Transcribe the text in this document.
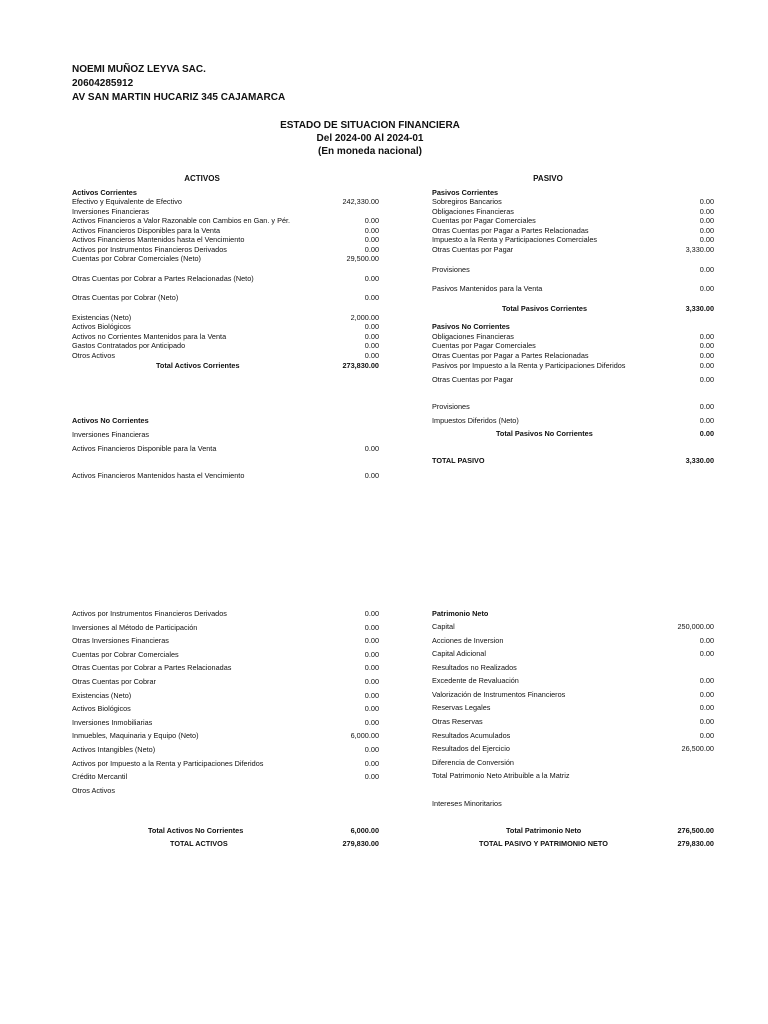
NOEMI MUÑOZ LEYVA SAC.
20604285912
AV SAN MARTIN HUCARIZ 345 CAJAMARCA
ESTADO DE SITUACION FINANCIERA
Del 2024-00 Al 2024-01
(En moneda nacional)
ACTIVOS	PASIVO
Activos Corrientes
Efectivo y Equivalente de Efectivo	242,330.00
Inversiones Financieras
Activos Financieros a Valor Razonable con Cambios en Gan. y Pér.	0.00
Activos Financieros Disponibles para la Venta	0.00
Activos Financieros Mantenidos hasta el Vencimiento	0.00
Activos por Instrumentos Financieros Derivados	0.00
Cuentas por Cobrar Comerciales (Neto)	29,500.00
Otras Cuentas por Cobrar a Partes Relacionadas (Neto)	0.00
Otras Cuentas por Cobrar (Neto)	0.00
Existencias (Neto)	2,000.00
Activos Biológicos	0.00
Activos no Corrientes Mantenidos para la Venta	0.00
Gastos Contratados por Anticipado	0.00
Otros Activos	0.00
Total Activos Corrientes	273,830.00
Activos No Corrientes
Inversiones Financieras
Activos Financieros Disponible para la Venta	0.00
Activos Financieros Mantenidos hasta el Vencimiento	0.00
Activos por Instrumentos Financieros Derivados	0.00
Inversiones al Método de Participación	0.00
Otras Inversiones Financieras	0.00
Cuentas por Cobrar Comerciales	0.00
Otras Cuentas por Cobrar a Partes Relacionadas	0.00
Otras Cuentas por Cobrar	0.00
Existencias (Neto)	0.00
Activos Biológicos	0.00
Inversiones Inmobiliarias	0.00
Inmuebles, Maquinaria y Equipo (Neto)	6,000.00
Activos Intangibles (Neto)	0.00
Activos por Impuesto a la Renta y Participaciones Diferidos	0.00
Crédito Mercantil	0.00
Otros Activos
Total Activos No Corrientes	6,000.00
TOTAL ACTIVOS	279,830.00
Pasivos Corrientes
Sobregiros Bancarios	0.00
Obligaciones Financieras	0.00
Cuentas por Pagar Comerciales	0.00
Otras Cuentas por Pagar a Partes Relacionadas	0.00
Impuesto a la Renta y Participaciones Comerciales	0.00
Otras Cuentas por Pagar	3,330.00
Provisiones	0.00
Pasivos Mantenidos para la Venta	0.00
Total Pasivos Corrientes	3,330.00
Pasivos No Corrientes
Obligaciones Financieras	0.00
Cuentas por Pagar Comerciales	0.00
Otras Cuentas por Pagar a Partes Relacionadas	0.00
Pasivos por Impuesto a la Renta y Participaciones Diferidos	0.00
Otras Cuentas por Pagar	0.00
Provisiones	0.00
Impuestos Diferidos (Neto)	0.00
Total Pasivos No Corrientes	0.00
TOTAL PASIVO	3,330.00
Patrimonio Neto
Capital	250,000.00
Acciones de Inversion	0.00
Capital Adicional	0.00
Resultados no Realizados
Excedente de Revaluación	0.00
Valorización de Instrumentos Financieros	0.00
Reservas Legales	0.00
Otras Reservas	0.00
Resultados Acumulados	0.00
Resultados del Ejercicio	26,500.00
Diferencia de Conversión
Total Patrimonio Neto Atribuible a la Matriz
Intereses Minoritarios
Total Patrimonio Neto	276,500.00
TOTAL PASIVO Y PATRIMONIO NETO	279,830.00
